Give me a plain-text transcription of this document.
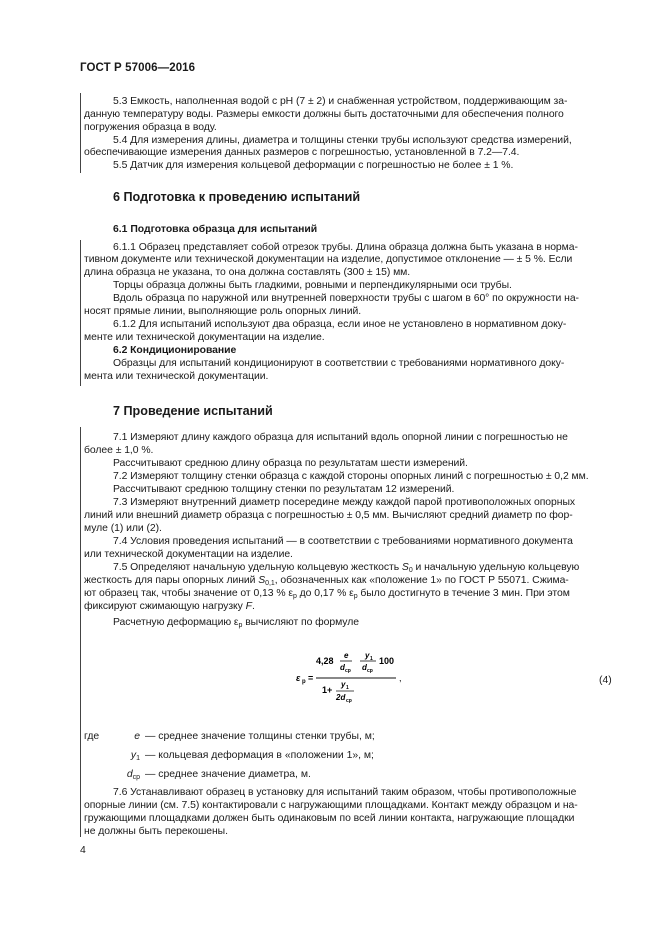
ГОСТ Р 57006—2016
5.3 Емкость, наполненная водой с рН (7 ± 2) и снабженная устройством, поддерживающим за-
данную температуру воды. Размеры емкости должны быть достаточными для обеспечения полного
погружения образца в воду.
5.4 Для измерения длины, диаметра и толщины стенки трубы используют средства измерений,
обеспечивающие измерения данных размеров с погрешностью, установленной в 7.2—7.4.
5.5 Датчик для измерения кольцевой деформации с погрешностью не более ± 1 %.
6 Подготовка к проведению испытаний
6.1 Подготовка образца для испытаний
6.1.1 Образец представляет собой отрезок трубы. Длина образца должна быть указана в норма-
тивном документе или технической документации на изделие, допустимое отклонение — ± 5 %. Если
длина образца не указана, то она должна составлять (300 ± 15) мм.
Торцы образца должны быть гладкими, ровными и перпендикулярными оси трубы.
Вдоль образца по наружной или внутренней поверхности трубы с шагом в 60° по окружности на-
носят прямые линии, выполняющие роль опорных линий.
6.1.2 Для испытаний используют два образца, если иное не установлено в нормативном доку-
менте или технической документации на изделие.
6.2 Кондиционирование
Образцы для испытаний кондиционируют в соответствии с требованиями нормативного доку-
мента или технической документации.
7 Проведение испытаний
7.1 Измеряют длину каждого образца для испытаний вдоль опорной линии с погрешностью не
более ± 1,0 %.
Рассчитывают среднюю длину образца по результатам шести измерений.
7.2 Измеряют толщину стенки образца с каждой стороны опорных линий с погрешностью ± 0,2 мм.
Рассчитывают среднюю толщину стенки по результатам 12 измерений.
7.3 Измеряют внутренний диаметр посередине между каждой парой противоположных опорных
линий или внешний диаметр образца с погрешностью ± 0,5 мм. Вычисляют средний диаметр по фор-
муле (1) или (2).
7.4 Условия проведения испытаний — в соответствии с требованиями нормативного документа
или технической документации на изделие.
7.5 Определяют начальную удельную кольцевую жесткость $S_0$ и начальную удельную кольцевую
жесткость для пары опорных линий $S_{0,1}$, обозначенных как «положение 1» по ГОСТ Р 55071. Сжима-
ют образец так, чтобы значение от 0,13 % $\varepsilon_р$ до 0,17 % $\varepsilon_р$ было достигнуто в течение 3 мин. При этом
фиксируют сжимающую нагрузку F.
Расчетную деформацию $\varepsilon_р$ вычисляют по формуле
ε р =
4,28
e
d ср
y 1
d ср
100
1+
y 1
2d ср
,	(4)
где	e	— среднее значение толщины стенки трубы, м;
	$y_1$	— кольцевая деформация в «положении 1», м;
	$d_{ср}$	— среднее значение диаметра, м.
7.6 Устанавливают образец в установку для испытаний таким образом, чтобы противоположные
опорные линии (см. 7.5) контактировали с нагружающими площадками. Контакт между образцом и на-
гружающими площадками должен быть одинаковым по всей линии контакта, нагружающие площадки
не должны быть перекошены.
4
